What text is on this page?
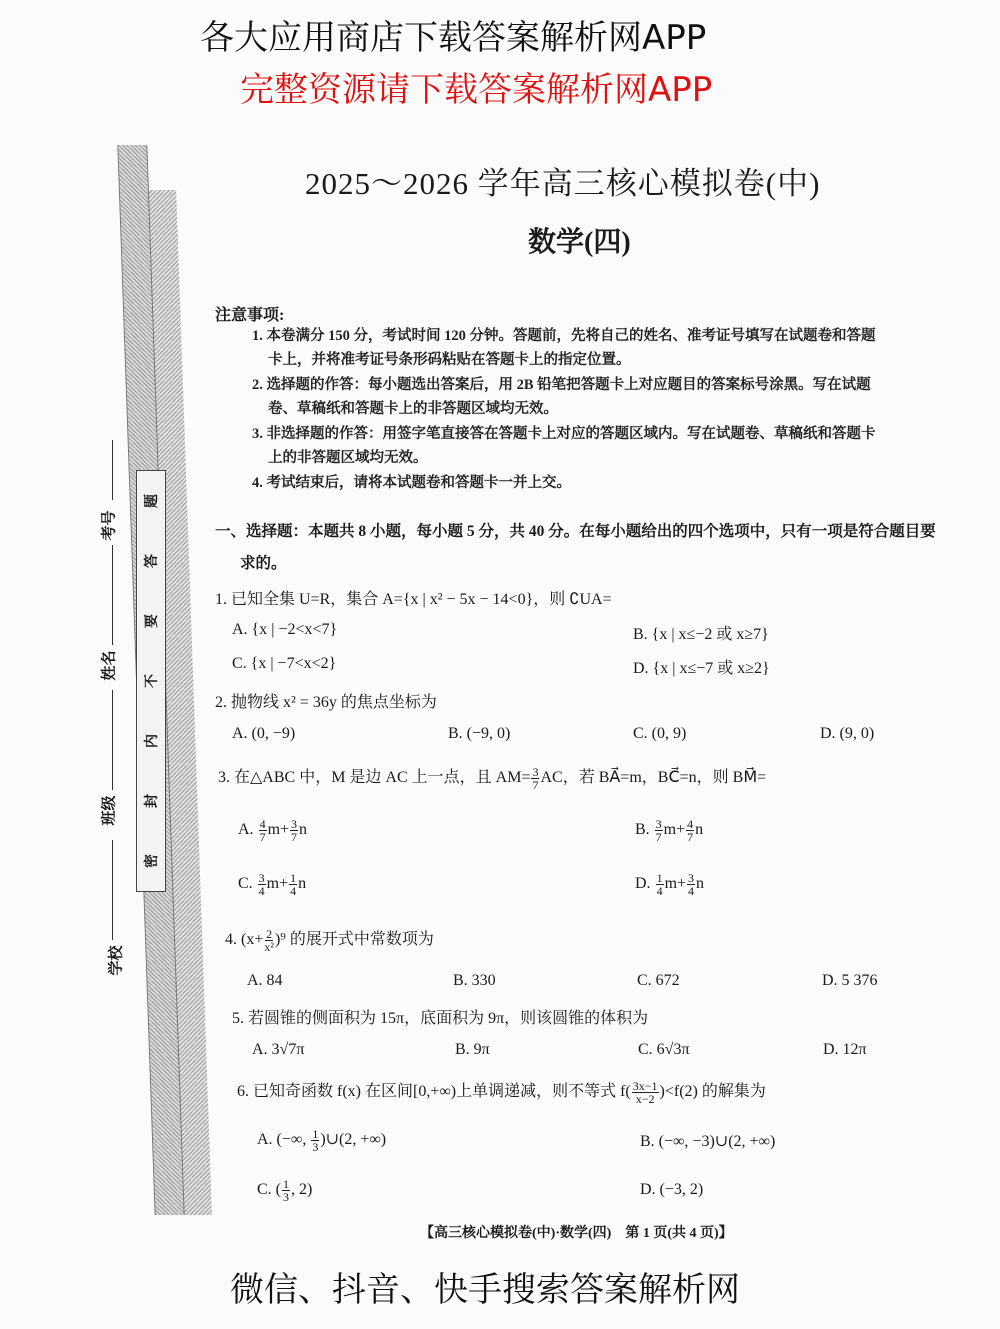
题
答
要
不
内
封
密
考号
姓名
班级
学校
2025～2026 学年高三核心模拟卷(中)
数学(四)
注意事项:
1. 本卷满分 150 分，考试时间 120 分钟。答题前，先将自己的姓名、准考证号填写在试题卷和答题
卡上，并将准考证号条形码粘贴在答题卡上的指定位置。
2. 选择题的作答：每小题选出答案后，用 2B 铅笔把答题卡上对应题目的答案标号涂黑。写在试题
卷、草稿纸和答题卡上的非答题区域均无效。
3. 非选择题的作答：用签字笔直接答在答题卡上对应的答题区域内。写在试题卷、草稿纸和答题卡
上的非答题区域均无效。
4. 考试结束后，请将本试题卷和答题卡一并上交。
一、选择题：本题共 8 小题，每小题 5 分，共 40 分。在每小题给出的四个选项中，只有一项是符合题目要
求的。
1. 已知全集 U=R，集合 A={x | x² − 5x − 14<0}，则 ∁UA=
A. {x | −2<x<7}	B. {x | x≤−2 或 x≥7}
C. {x | −7<x<2}	D. {x | x≤−7 或 x≥2}
2. 抛物线 x² = 36y 的焦点坐标为
A. (0, −9)	B. (−9, 0)	C. (0, 9)	D. (9, 0)
3. 在△ABC 中，M 是边 AC 上一点，且 $AM= \frac{3}{7}$ AC，若 BA⃗=m，BC⃗=n，则 BM⃗=
A. $\frac{4}{7} m+ \frac{3}{7}$ n	B. $\frac{3}{7} m+ \frac{4}{7}$ n
C. $\frac{3}{4} m+ \frac{1}{4}$ n	D. $\frac{1}{4} m+ \frac{3}{4}$ n
4. $(x+ \frac{2}{\text{x²}} )^9$ 的展开式中常数项为
A. 84	B. 330	C. 672	D. 5 376
5. 若圆锥的侧面积为 15π，底面积为 9π，则该圆锥的体积为
A. 3√7π	B. 9π	C. 6√3π	D. 12π
6. 已知奇函数 f(x) 在区间[0,+∞)上单调递减，则不等式 $f( \frac{3x-1}{x-2} )<f(2)$ 的解集为
A. (−∞, $\frac{1}{3}$ )∪(2, +∞)	B. (−∞, −3)∪(2, +∞)
C. ( $\frac{1}{3}$ , 2)	D. (−3, 2)
【高三核心模拟卷(中)·数学(四)　第 1 页(共 4 页)】
各大应用商店下载答案解析网APP
完整资源请下载答案解析网APP
微信、抖音、快手搜索答案解析网
